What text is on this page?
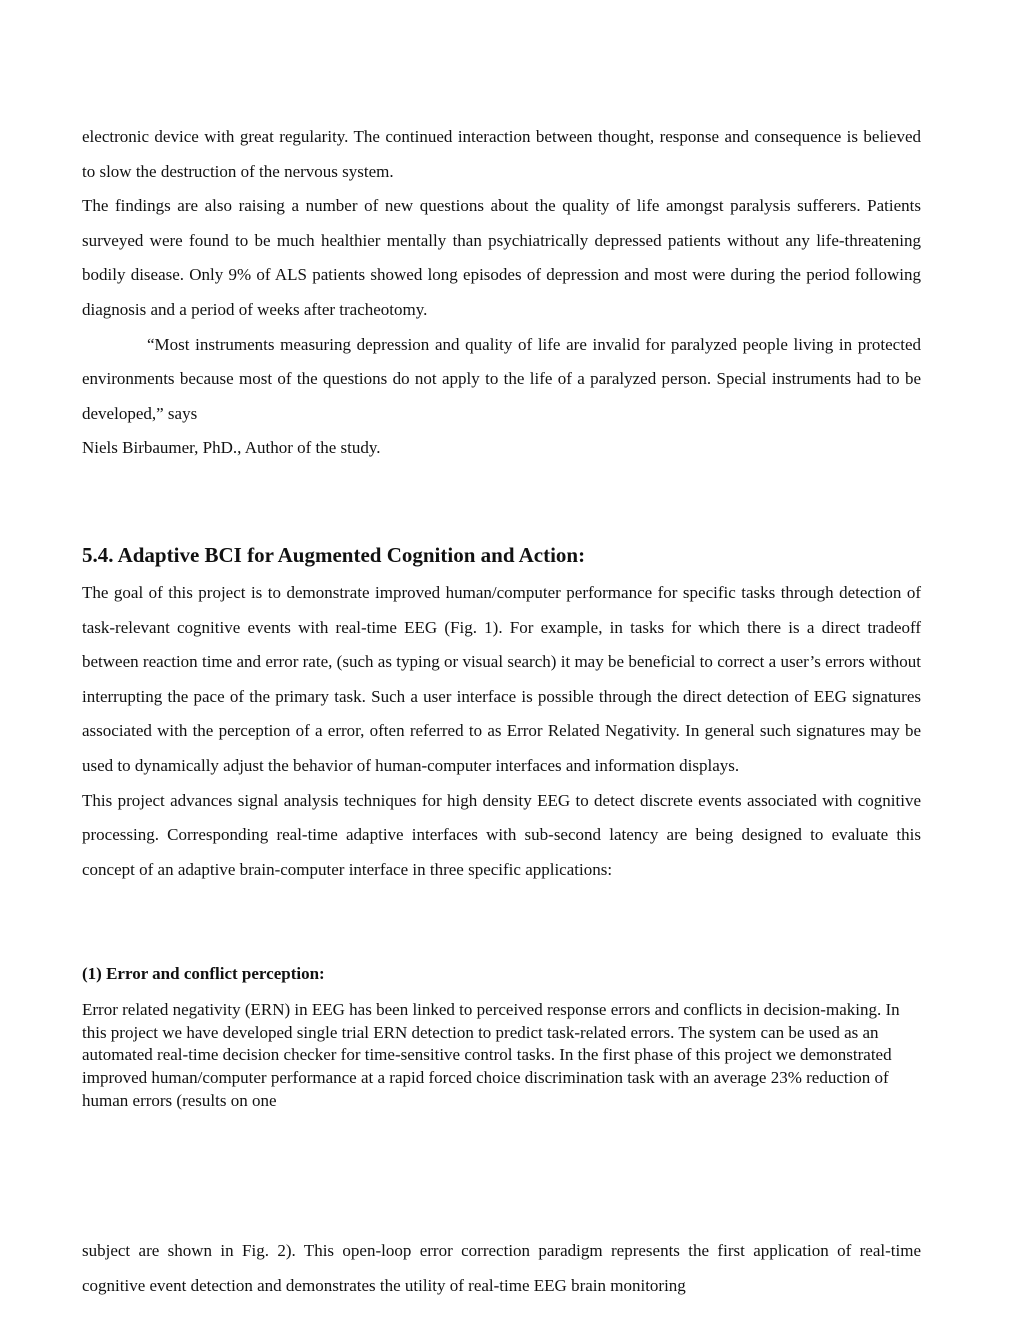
electronic device with great regularity. The continued interaction between thought, response and consequence is believed to slow the destruction of the nervous system.

The findings are also raising a number of new questions about the quality of life amongst paralysis sufferers. Patients surveyed were found to be much healthier mentally than psychiatrically depressed patients without any life-threatening bodily disease. Only 9% of ALS patients showed long episodes of depression and most were during the period following diagnosis and a period of weeks after tracheotomy.

“Most instruments measuring depression and quality of life are invalid for paralyzed people living in protected environments because most of the questions do not apply to the life of a paralyzed person. Special instruments had to be developed,” says

Niels Birbaumer, PhD., Author of the study.

5.4. Adaptive BCI for Augmented Cognition and Action:

The goal of this project is to demonstrate improved human/computer performance for specific tasks through detection of task-relevant cognitive events with real-time EEG (Fig. 1). For example, in tasks for which there is a direct tradeoff between reaction time and error rate, (such as typing or visual search) it may be beneficial to correct a user’s errors without interrupting the pace of the primary task. Such a user interface is possible through the direct detection of EEG signatures associated with the perception of a error, often referred to as Error Related Negativity. In general such signatures may be used to dynamically adjust the behavior of human-computer interfaces and information displays.

This project advances signal analysis techniques for high density EEG to detect discrete events associated with cognitive processing. Corresponding real-time adaptive interfaces with sub-second latency are being designed to evaluate this concept of an adaptive brain-computer interface in three specific applications:

(1) Error and conflict perception:

Error related negativity (ERN) in EEG has been linked to perceived response errors and conflicts in decision-making. In this project we have developed single trial ERN detection to predict task-related errors. The system can be used as an automated real-time decision checker for time-sensitive control tasks. In the first phase of this project we demonstrated improved human/computer performance at a rapid forced choice discrimination task with an average 23% reduction of human errors (results on one

subject are shown in Fig. 2). This open-loop error correction paradigm represents the first application of real-time cognitive event detection and demonstrates the utility of real-time EEG brain monitoring
